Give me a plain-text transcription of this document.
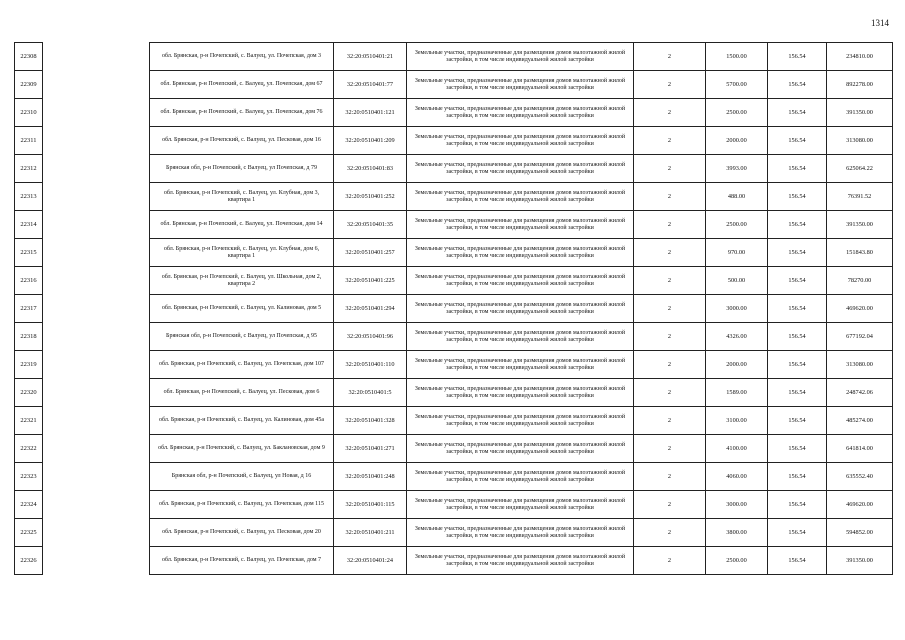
1314
22308		обл. Брянская, р-н Почепский, с. Валуец, ул. Почепская, дом 3	32:20:0510401:21	Земельные участки, предназначенные для размещения домов малоэтажной жилой застройки, в том числе индивидуальной жилой застройки	2	1500.00	156.54	234810.00
22309		обл. Брянская, р-н Почепский, с. Валуец, ул. Почепская, дом 67	32:20:0510401:77	Земельные участки, предназначенные для размещения домов малоэтажной жилой застройки, в том числе индивидуальной жилой застройки	2	5700.00	156.54	892278.00
22310		обл. Брянская, р-н Почепский, с. Валуец, ул. Почепская, дом 76	32:20:0510401:121	Земельные участки, предназначенные для размещения домов малоэтажной жилой застройки, в том числе индивидуальной жилой застройки	2	2500.00	156.54	391350.00
22311		обл. Брянская, р-н Почепский, с. Валуец, ул. Песковая, дом 16	32:20:0510401:209	Земельные участки, предназначенные для размещения домов малоэтажной жилой застройки, в том числе индивидуальной жилой застройки	2	2000.00	156.54	313080.00
22312		Брянская обл, р-н Почепский, с Валуец, ул Почепская, д 79	32:20:0510401:83	Земельные участки, предназначенные для размещения домов малоэтажной жилой застройки, в том числе индивидуальной жилой застройки	2	3993.00	156.54	625064.22
22313		обл. Брянская, р-н Почепский, с. Валуец, ул. Клубная, дом 3, квартира 1	32:20:0510401:252	Земельные участки, предназначенные для размещения домов малоэтажной жилой застройки, в том числе индивидуальной жилой застройки	2	488.00	156.54	76391.52
22314		обл. Брянская, р-н Почепский, с. Валуец, ул. Почепская, дом 14	32:20:0510401:35	Земельные участки, предназначенные для размещения домов малоэтажной жилой застройки, в том числе индивидуальной жилой застройки	2	2500.00	156.54	391350.00
22315		обл. Брянская, р-н Почепский, с. Валуец, ул. Клубная, дом 6, квартира 1	32:20:0510401:257	Земельные участки, предназначенные для размещения домов малоэтажной жилой застройки, в том числе индивидуальной жилой застройки	2	970.00	156.54	151843.80
22316		обл. Брянская, р-н Почепский, с. Валуец, ул. Школьная, дом 2, квартира 2	32:20:0510401:225	Земельные участки, предназначенные для размещения домов малоэтажной жилой застройки, в том числе индивидуальной жилой застройки	2	500.00	156.54	78270.00
22317		обл. Брянская, р-н Почепский, с. Валуец, ул. Калиновая, дом 5	32:20:0510401:294	Земельные участки, предназначенные для размещения домов малоэтажной жилой застройки, в том числе индивидуальной жилой застройки	2	3000.00	156.54	469620.00
22318		Брянская обл, р-н Почепский, с Валуец, ул Почепская, д 95	32:20:0510401:96	Земельные участки, предназначенные для размещения домов малоэтажной жилой застройки, в том числе индивидуальной жилой застройки	2	4326.00	156.54	677192.04
22319		обл. Брянская, р-н Почепский, с. Валуец, ул. Почепская, дом 107	32:20:0510401:110	Земельные участки, предназначенные для размещения домов малоэтажной жилой застройки, в том числе индивидуальной жилой застройки	2	2000.00	156.54	313080.00
22320		обл. Брянская, р-н Почепский, с. Валуец, ул. Песковая, дом 6	32:20:0510401:5	Земельные участки, предназначенные для размещения домов малоэтажной жилой застройки, в том числе индивидуальной жилой застройки	2	1589.00	156.54	248742.06
22321		обл. Брянская, р-н Почепский, с. Валуец, ул. Калиновая, дом 45а	32:20:0510401:328	Земельные участки, предназначенные для размещения домов малоэтажной жилой застройки, в том числе индивидуальной жилой застройки	2	3100.00	156.54	485274.00
22322		обл. Брянская, р-н Почепский, с. Валуец, ул. Баклановская, дом 9	32:20:0510401:271	Земельные участки, предназначенные для размещения домов малоэтажной жилой застройки, в том числе индивидуальной жилой застройки	2	4100.00	156.54	641814.00
22323		Брянская обл, р-н Почепский, с Валуец, ул Новая, д 16	32:20:0510401:248	Земельные участки, предназначенные для размещения домов малоэтажной жилой застройки, в том числе индивидуальной жилой застройки	2	4060.00	156.54	635552.40
22324		обл. Брянская, р-н Почепский, с. Валуец, ул. Почепская, дом 115	32:20:0510401:115	Земельные участки, предназначенные для размещения домов малоэтажной жилой застройки, в том числе индивидуальной жилой застройки	2	3000.00	156.54	469620.00
22325		обл. Брянская, р-н Почепский, с. Валуец, ул. Песковая, дом 20	32:20:0510401:211	Земельные участки, предназначенные для размещения домов малоэтажной жилой застройки, в том числе индивидуальной жилой застройки	2	3800.00	156.54	594852.00
22326		обл. Брянская, р-н Почепский, с. Валуец, ул. Почепская, дом 7	32:20:0510401:24	Земельные участки, предназначенные для размещения домов малоэтажной жилой застройки, в том числе индивидуальной жилой застройки	2	2500.00	156.54	391350.00
